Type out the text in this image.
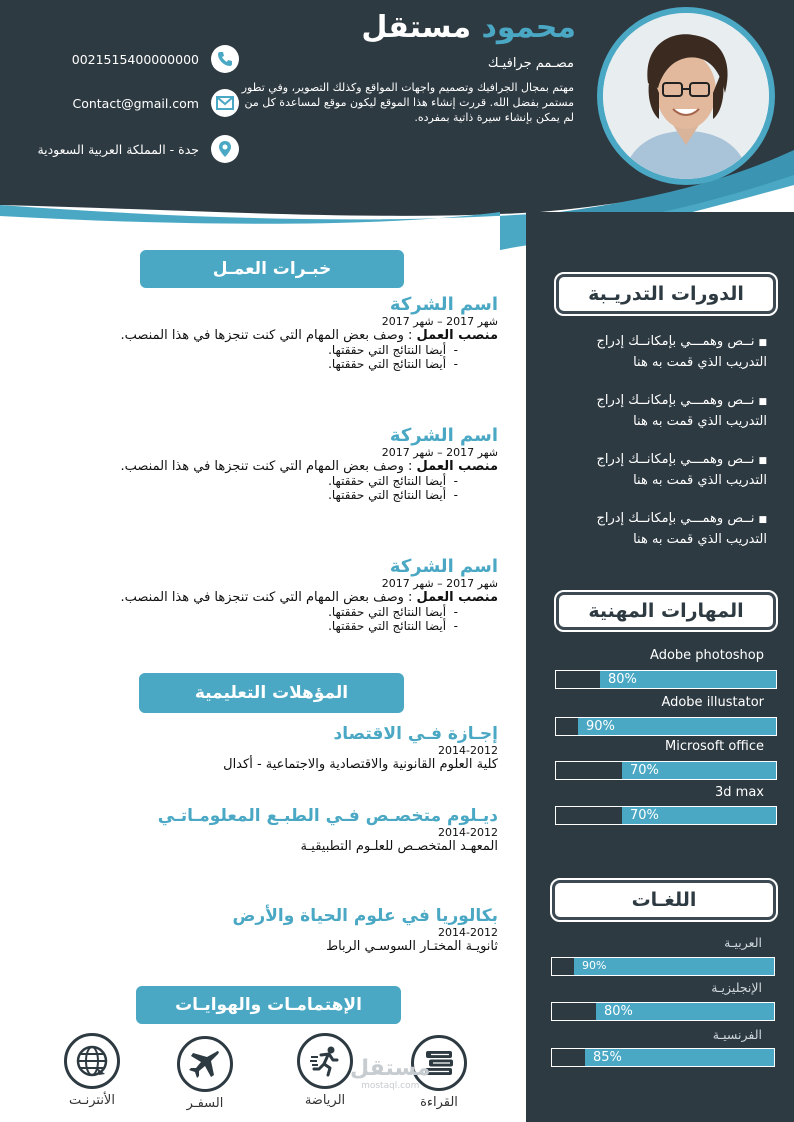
محمود مستقل
مصـمم جرافيـك
مهتم بمجال الجرافيك وتصميم واجهات المواقع وكذلك التصوير، وفي تطور مستمر بفضل الله. قررت إنشاء هذا الموقع ليكون موقع لمساعدة كل من لم يمكن بإنشاء سيرة ذاتية بمفرده.
0021515400000000
Contact@gmail.com
جدة - المملكة العربية السعودية
الدورات التدريـبة
■نــص وهمـــي بإمكانــك إدراج
التدريب الذي قمت به هنا
■نــص وهمـــي بإمكانــك إدراج
التدريب الذي قمت به هنا
■نــص وهمـــي بإمكانــك إدراج
التدريب الذي قمت به هنا
■نــص وهمـــي بإمكانــك إدراج
التدريب الذي قمت به هنا
المهارات المهنية
Adobe photoshop
80%
Adobe illustator
90%
Microsoft office
70%
3d max
70%
اللغـات
العربيـة
90%
الإنجليزيـة
80%
الفرنسيـة
85%
خبـرات العمـل
اسم الشركة
شهر 2017 – شهر 2017
منصب العمل : وصف بعض المهام التي كنت تنجزها في هذا المنصب.
-  أيضا النتائج التي حققتها.
-  أيضا النتائج التي حققتها.
اسم الشركة
شهر 2017 – شهر 2017
منصب العمل : وصف بعض المهام التي كنت تنجزها في هذا المنصب.
-  أيضا النتائج التي حققتها.
-  أيضا النتائج التي حققتها.
اسم الشركة
شهر 2017 – شهر 2017
منصب العمل : وصف بعض المهام التي كنت تنجزها في هذا المنصب.
-  أيضا النتائج التي حققتها.
-  أيضا النتائج التي حققتها.
المؤهلات التعليمية
إجـازة فـي الاقتصاد
2014-2012
كلية العلوم القانونية والاقتصادية والاجتماعية - أكدال
ديـلوم متخصـص فـي الطبـع المعلومـاتـي
2014-2012
المعهـد المتخصـص للعلـوم التطبيقيـة
بكالوريا في علوم الحياة والأرض
2014-2012
ثانويـة المختـار السوسـي الرباط
الإهتمامـات والهوايـات
القراءة
الرياضة
السفـر
الأنترنـت
مستقل
mostaql.com
